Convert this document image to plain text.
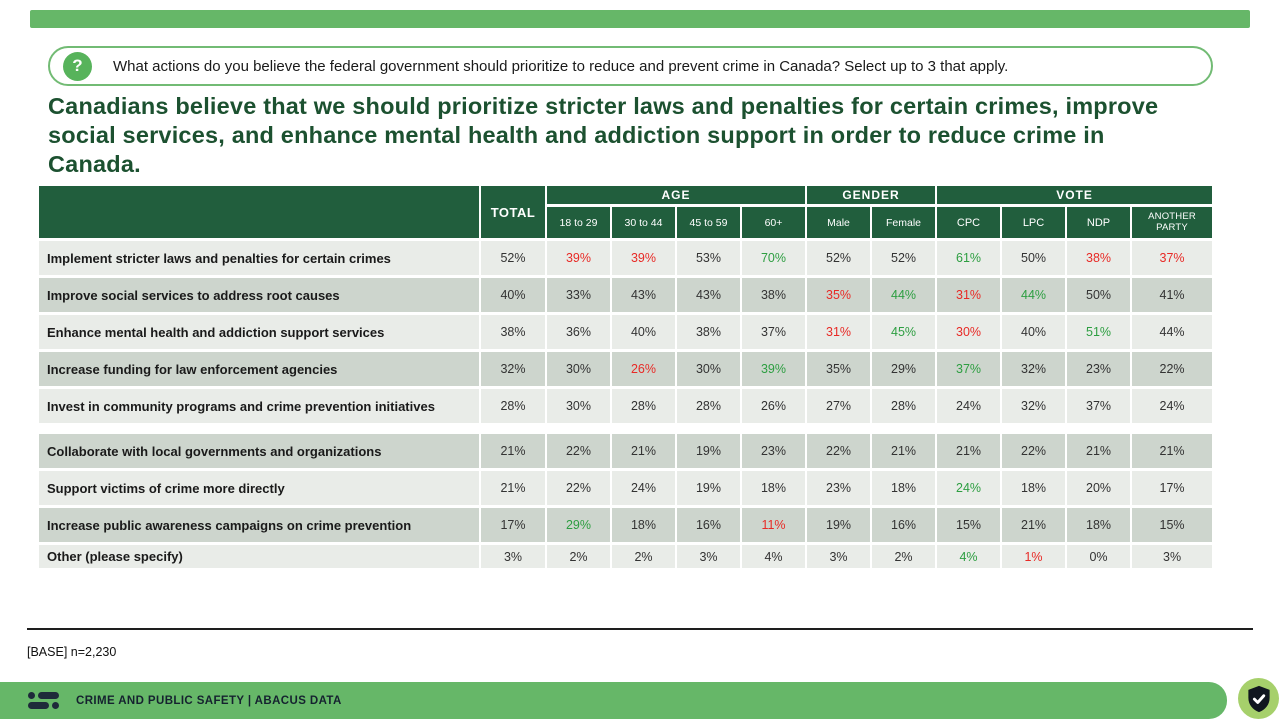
? What actions do you believe the federal government should prioritize to reduce and prevent crime in Canada? Select up to 3 that apply.
Canadians believe that we should prioritize stricter laws and penalties for certain crimes, improve social services, and enhance mental health and addiction support in order to reduce crime in Canada.
	TOTAL	AGE				GENDER		VOTE			
		18 to 29	30 to 44	45 to 59	60+	Male	Female	CPC	LPC	NDP	ANOTHER PARTY
Implement stricter laws and penalties for certain crimes	52%	39%	39%	53%	70%	52%	52%	61%	50%	38%	37%
Improve social services to address root causes	40%	33%	43%	43%	38%	35%	44%	31%	44%	50%	41%
Enhance mental health and addiction support services	38%	36%	40%	38%	37%	31%	45%	30%	40%	51%	44%
Increase funding for law enforcement agencies	32%	30%	26%	30%	39%	35%	29%	37%	32%	23%	22%
Invest in community programs and crime prevention initiatives	28%	30%	28%	28%	26%	27%	28%	24%	32%	37%	24%

Collaborate with local governments and organizations	21%	22%	21%	19%	23%	22%	21%	21%	22%	21%	21%
Support victims of crime more directly	21%	22%	24%	19%	18%	23%	18%	24%	18%	20%	17%
Increase public awareness campaigns on crime prevention	17%	29%	18%	16%	11%	19%	16%	15%	21%	18%	15%
Other (please specify)	3%	2%	2%	3%	4%	3%	2%	4%	1%	0%	3%
[BASE] n=2,230
CRIME AND PUBLIC SAFETY | ABACUS DATA
